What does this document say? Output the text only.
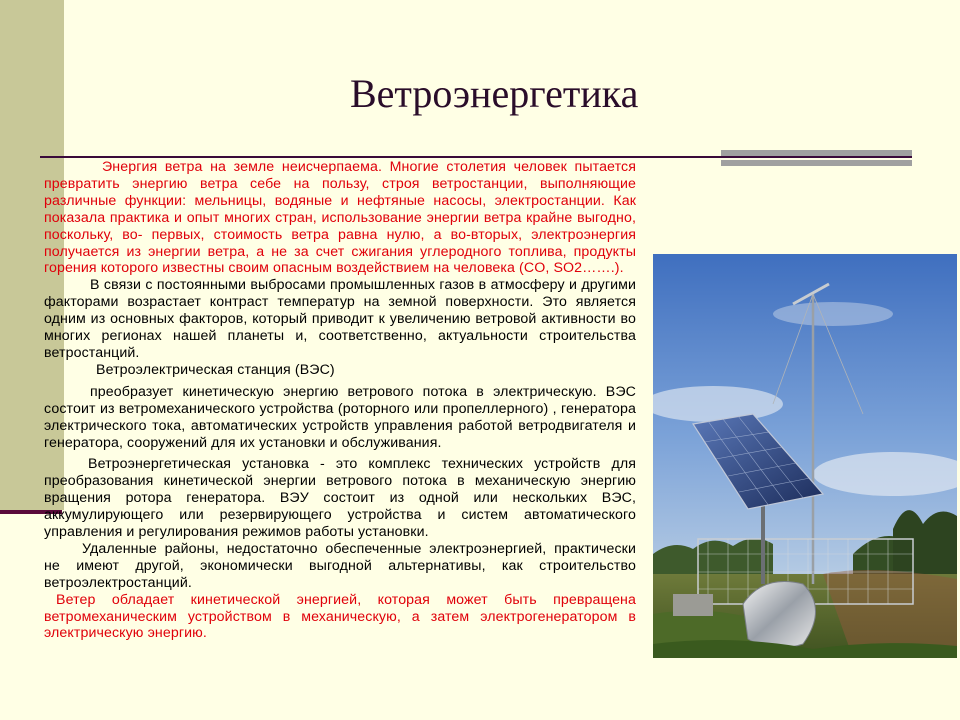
Ветроэнергетика

Энергия ветра на земле неисчерпаема. Многие столетия человек пытается превратить энергию ветра себе на пользу, строя ветростанции, выполняющие различные функции: мельницы, водяные и нефтяные насосы, электростанции. Как показала практика и опыт многих стран, использование энергии ветра крайне выгодно, поскольку, во- первых, стоимость ветра равна нулю, а во-вторых, электроэнергия получается из энергии ветра, а не за счет сжигания углеродного топлива, продукты горения которого известны своим опасным воздействием на человека (CO, SO2…….).

В связи с постоянными выбросами промышленных газов в атмосферу и другими факторами возрастает контраст температур на земной поверхности. Это является одним из основных факторов, который приводит к увеличению ветровой активности во многих регионах нашей планеты и, соответственно, актуальности строительства ветростанций.

Ветроэлектрическая станция (ВЭС)

преобразует кинетическую энергию ветрового потока в электрическую. ВЭС состоит из ветромеханического устройства (роторного или пропеллерного) , генератора электрического тока, автоматических устройств управления работой ветродвигателя и генератора, сооружений для их установки и обслуживания.

Ветроэнергетическая установка - это комплекс технических устройств для преобразования кинетической энергии ветрового потока в механическую энергию вращения ротора генератора. ВЭУ состоит из одной или нескольких ВЭС, аккумулирующего или резервирующего устройства и систем автоматического управления и регулирования режимов работы установки.

Удаленные районы, недостаточно обеспеченные электроэнергией, практически не имеют другой, экономически выгодной альтернативы, как строительство ветроэлектростанций.

Ветер обладает кинетической энергией, которая может быть превращена ветромеханическим устройством в механическую, а затем электрогенератором в электрическую энергию.
